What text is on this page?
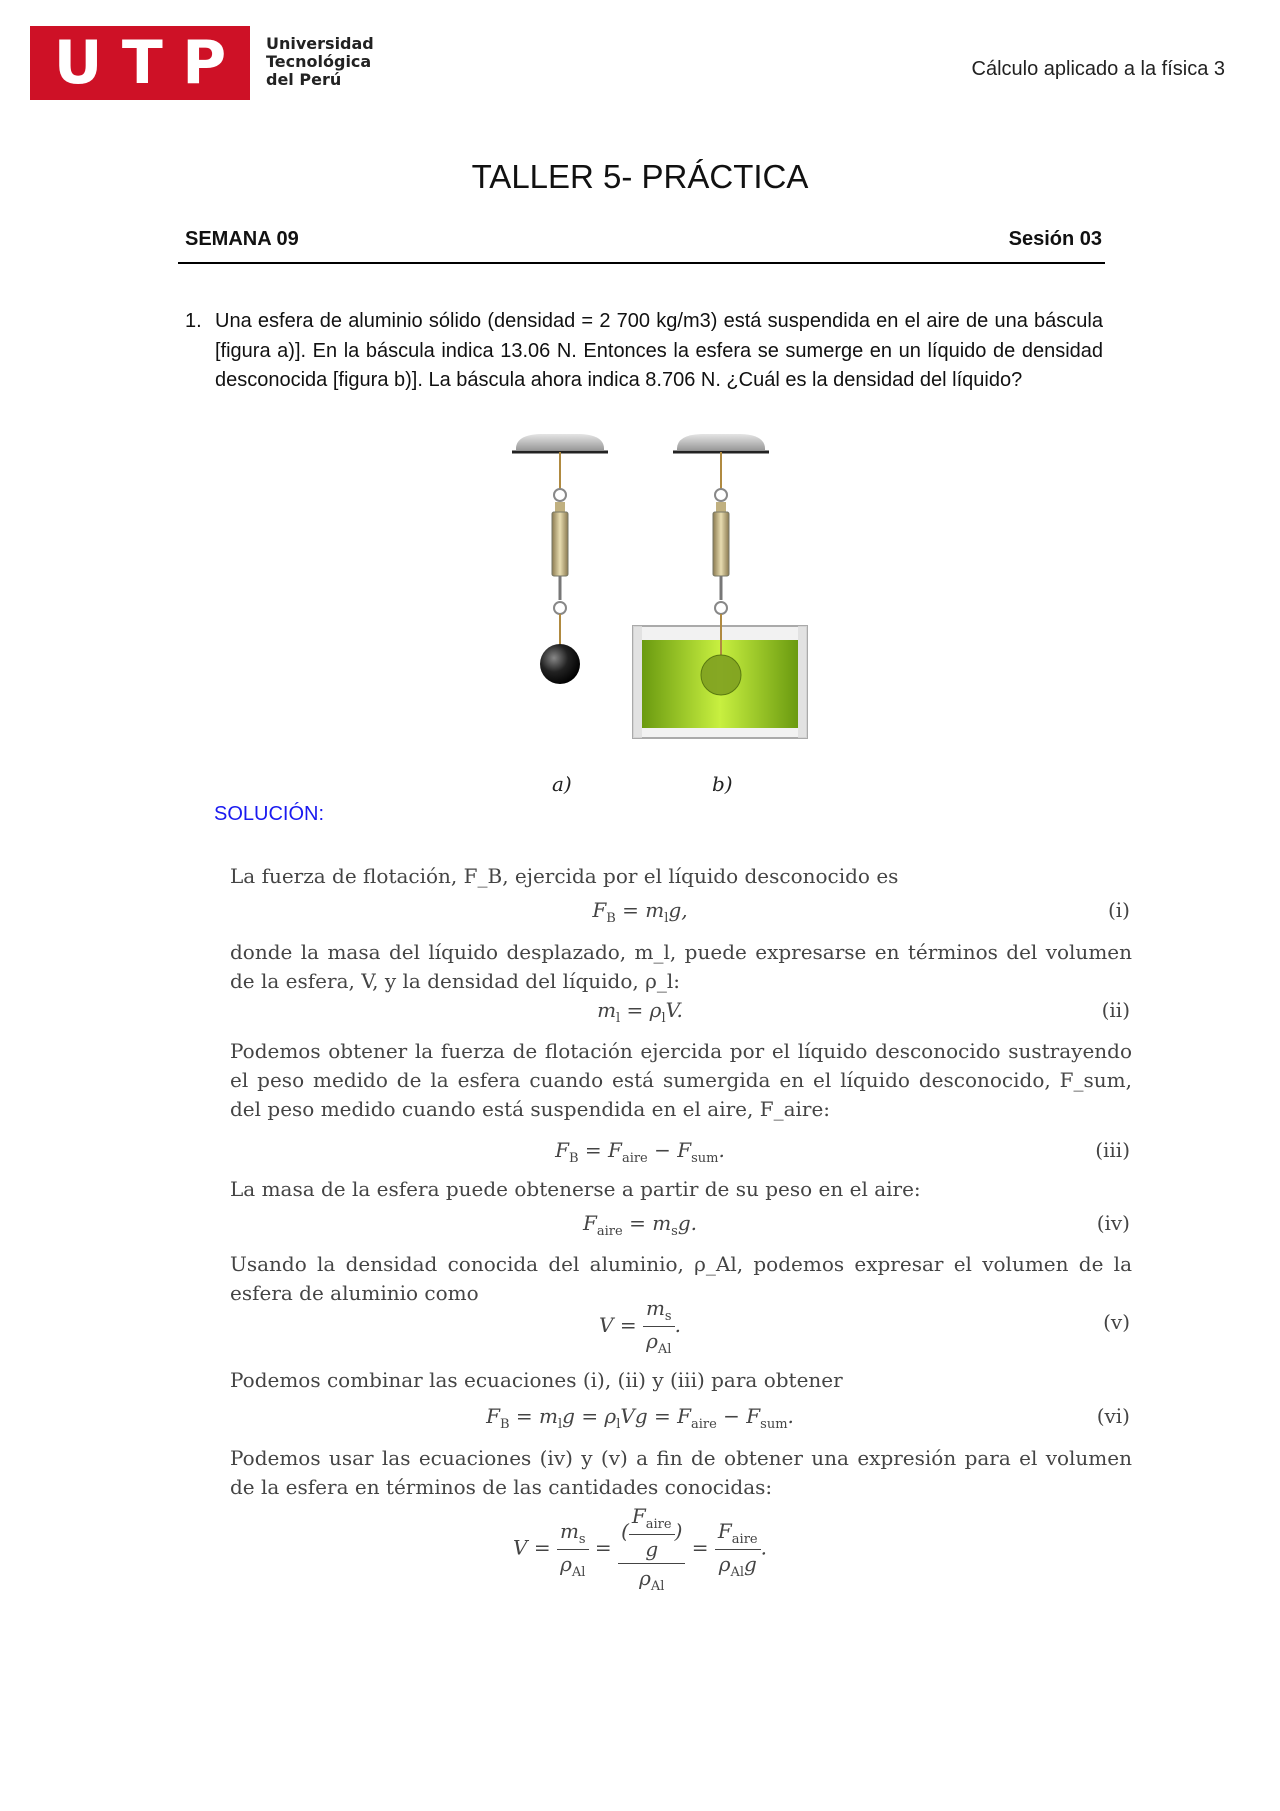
U T P Universidad
Tecnológica
del Perú	Cálculo aplicado a la física 3
TALLER 5- PRÁCTICA
SEMANA 09	Sesión 03
1. Una esfera de aluminio sólido (densidad = 2 700 kg/m3) está suspendida en el aire de una báscula [figura a)]. En la báscula indica 13.06 N. Entonces la esfera se sumerge en un líquido de densidad desconocida [figura b)]. La báscula ahora indica 8.706 N. ¿Cuál es la densidad del líquido?
a)	b)
SOLUCIÓN:
La fuerza de flotación, F_B, ejercida por el líquido desconocido es
$F_B = m_lg$,	(i)
donde la masa del líquido desplazado, m_l, puede expresarse en términos del volumen de la esfera, V, y la densidad del líquido, ρ_l:
$m_l = \rho_lV$.	(ii)
Podemos obtener la fuerza de flotación ejercida por el líquido desconocido sustrayendo el peso medido de la esfera cuando está sumergida en el líquido desconocido, F_sum, del peso medido cuando está suspendida en el aire, F_aire:
$F_B = F_{aire} - F_{sum}$.	(iii)
La masa de la esfera puede obtenerse a partir de su peso en el aire:
$F_{aire} = m_sg$.	(iv)
Usando la densidad conocida del aluminio, ρ_Al, podemos expresar el volumen de la esfera de aluminio como
$V = \frac{m_s}{\rho_{Al}}$ .	(v)
Podemos combinar las ecuaciones (i), (ii) y (iii) para obtener
$F_B = m_lg = \rho_lVg = F_{aire} - F_{sum}$.	(vi)
Podemos usar las ecuaciones (iv) y (v) a fin de obtener una expresión para el volumen de la esfera en términos de las cantidades conocidas:
$V = \frac{m_s}{\rho_{Al}} = \frac{( \frac{F_{aire}}{g} )}{\rho_{Al}} = \frac{F_{aire}}{\rho_{Al}g}$ .
